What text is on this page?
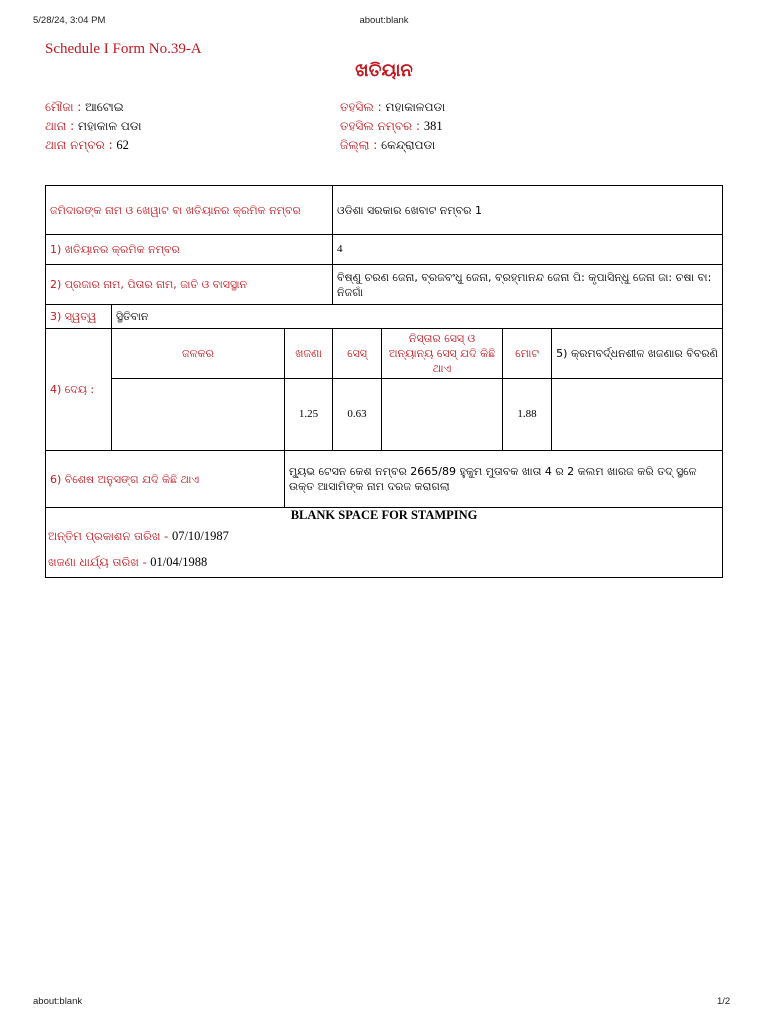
5/28/24, 3:04 PM	about:blank
Schedule I Form No.39-A
ଖତିୟାନ
ମୌଜା : ଆଟୋଇ
ଥାନା : ମହାକାଳ ପଡା
ଥାନା ନମ୍ବର : 62
ତହସିଲ : ମହାକାଳପଡା
ତହସିଲ ନମ୍ବର : 381
ଜିଲ୍ଲା : କେନ୍ଦ୍ରାପଡା
ଜମିଦାରଙ୍କ ନାମ ଓ ଖେୱାଟ ବା ଖତିୟାନର କ୍ରମିକ ନମ୍ବର			ଓଡିଶା ସରକାର ଖେବାଟ ନମ୍ବର 1			
1) ଖତିୟାନର କ୍ରମିକ ନମ୍ବର			4			
2) ପ୍ରଜାର ନାମ, ପିତାର ନାମ, ଜାତି ଓ ବାସସ୍ଥାନ			ବିଷ୍ଣୁ ଚରଣ ଜେନା, ବ୍ରଜବଂଧୁ ଜେନା, ବ୍ରହ୍ମାନନ୍ଦ ଜେନା ପି: କୃପାସିନ୍ଧୁ ଜେନା ଜା: ଚଷା ବା: ନିଜଗାଁ			
3) ସ୍ୱତ୍ୱ	ସ୍ଥିତିବାନ					
4) ଦେୟ :	ଜଳକର	ଖଜଣା	ସେସ୍	ନିସ୍ତାର ସେସ୍ ଓ ଅନ୍ୟାନ୍ୟ ସେସ୍ ଯଦି କିଛି ଥାଏ	ମୋଟ	5) କ୍ରମବର୍ଦ୍ଧନଶୀଳ ଖଜଣାର ବିବରଣି
		1.25	0.63		1.88	
6) ବିଶେଷ ଅନୁସଙ୍ଗ ଯଦି କିଛି ଥାଏ		ମ୍ୟୁଭ ଟେସନ କେଶ ନମ୍ବର 2665/89 ହୁକୁମ ମୁତାବକ ଖାତା 4 ର 2 କଲମ ଖାରଜ କରି ତଦ୍ ସ୍ଥଳେ ଉକ୍ତ ଆସାମିଙ୍କ ନାମ ଦରଜ କରାଗଲା				

BLANK SPACE FOR STAMPING
ଅନ୍ତିମ ପ୍ରକାଶନ ତାରିଖ - 07/10/1987
ଖଜଣା ଧାର୍ଯ୍ୟ ତାରିଖ - 01/04/1988						
about:blank	1/2
